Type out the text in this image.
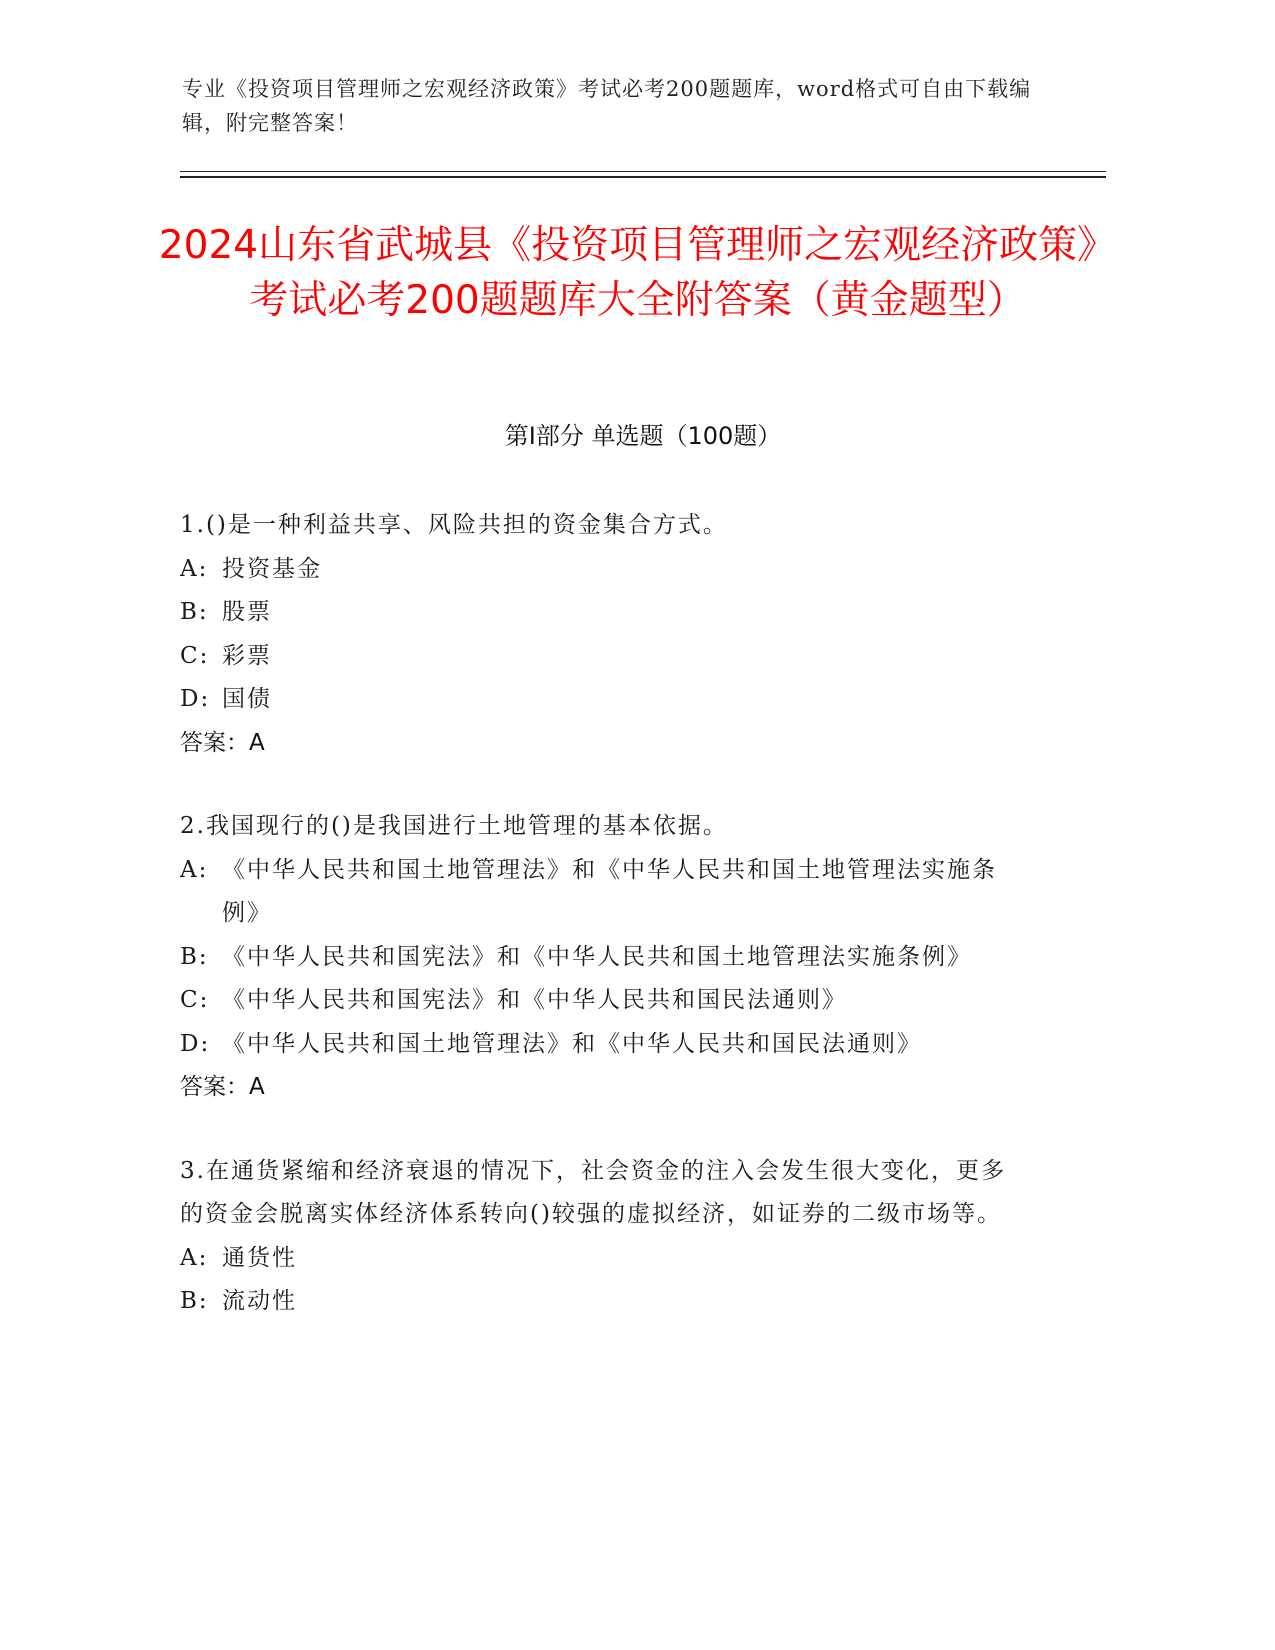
专业《投资项目管理师之宏观经济政策》考试必考200题题库，word格式可自由下载编辑，附完整答案！
2024山东省武城县《投资项目管理师之宏观经济政策》考试必考200题题库大全附答案（黄金题型）
第Ⅰ部分 单选题（100题）
1.()是一种利益共享、风险共担的资金集合方式。
A: 投资基金
B: 股票
C: 彩票
D: 国债
答案：A
2.我国现行的()是我国进行土地管理的基本依据。
A: 《中华人民共和国土地管理法》和《中华人民共和国土地管理法实施条例》
B: 《中华人民共和国宪法》和《中华人民共和国土地管理法实施条例》
C: 《中华人民共和国宪法》和《中华人民共和国民法通则》
D: 《中华人民共和国土地管理法》和《中华人民共和国民法通则》
答案：A
3.在通货紧缩和经济衰退的情况下，社会资金的注入会发生很大变化，更多的资金会脱离实体经济体系转向()较强的虚拟经济，如证券的二级市场等。
A: 通货性
B: 流动性
